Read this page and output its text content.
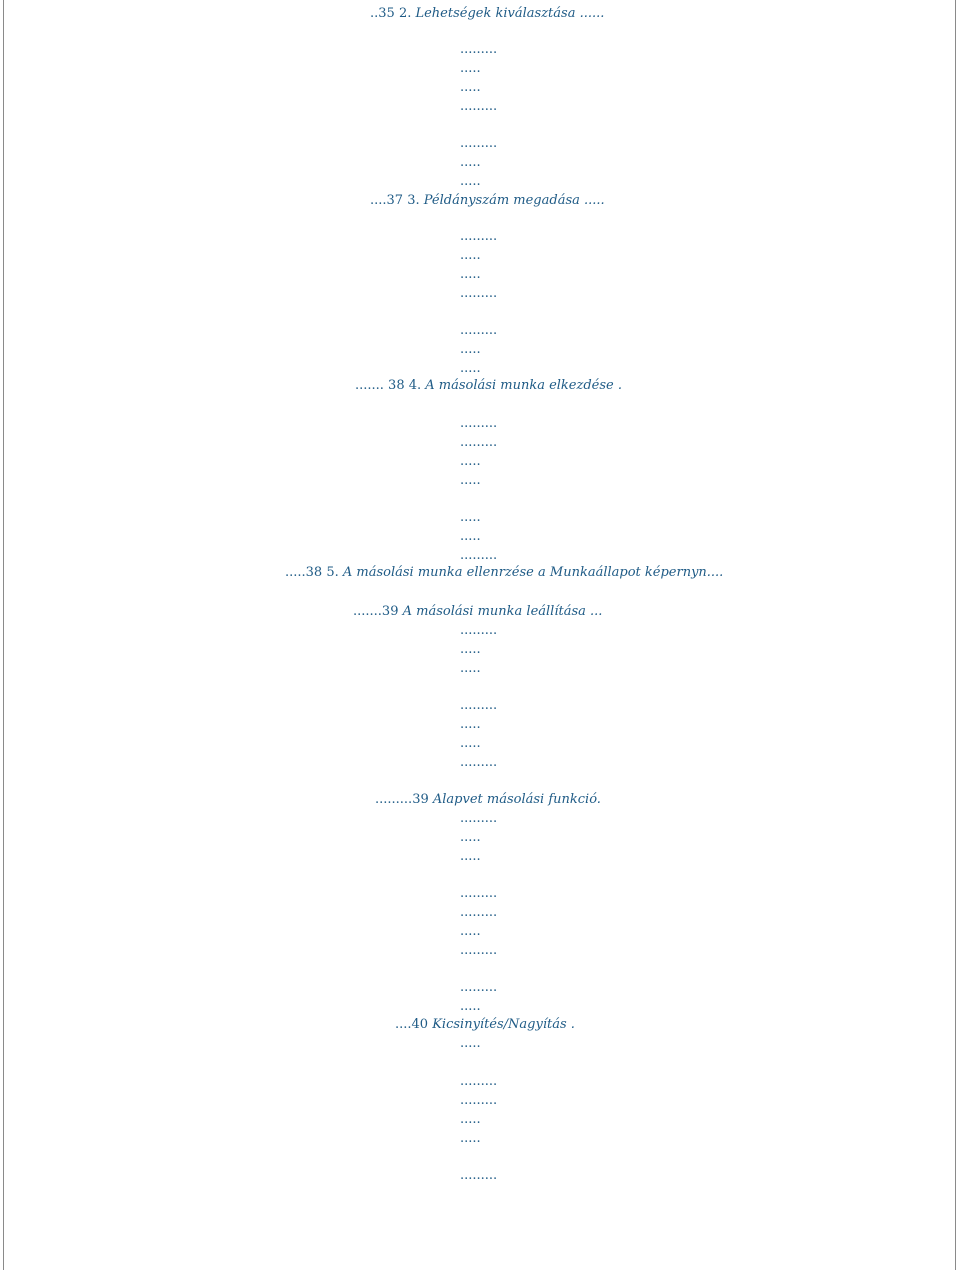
..35 2. Lehetségek kiválasztása ......
....37 3. Példányszám megadása .....
....... 38 4. A másolási munka elkezdése .
.....38 5. A másolási munka ellenrzése a Munkaállapot képernyn....
.......39 A másolási munka leállítása ...
.........39 Alapvet másolási funkció.
....40 Kicsinyítés/Nagyítás .
.........
.....
.....
.........
.........
.....
.....
.........
.....
.....
.........
.........
.....
.....
.........
.........
.....
.....
.....
.....
.........
.........
.....
.....
.........
.....
.....
.........
.........
.....
.....
.........
.........
.....
.........
.........
.....
.....
.........
.........
.....
.....
.........
